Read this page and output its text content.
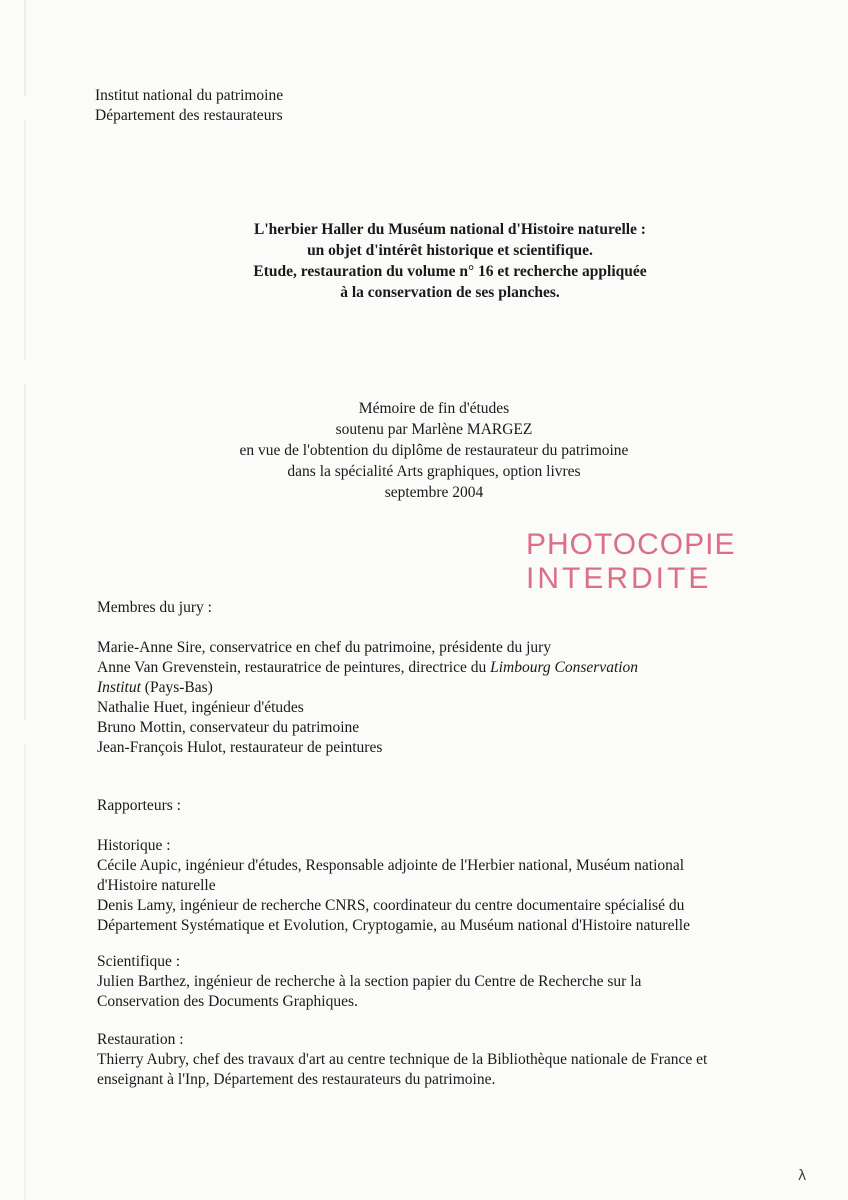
Institut national du patrimoine
Département des restaurateurs
L'herbier Haller du Muséum national d'Histoire naturelle :
un objet d'intérêt historique et scientifique.
Etude, restauration du volume n° 16 et recherche appliquée
à la conservation de ses planches.
Mémoire de fin d'études
soutenu par Marlène MARGEZ
en vue de l'obtention du diplôme de restaurateur du patrimoine
dans la spécialité Arts graphiques, option livres
septembre 2004
PHOTOCOPIE
INTERDITE
Membres du jury :
Marie-Anne Sire, conservatrice en chef du patrimoine, présidente du jury
Anne Van Grevenstein, restauratrice de peintures, directrice du Limbourg Conservation
Institut (Pays-Bas)
Nathalie Huet, ingénieur d'études
Bruno Mottin, conservateur du patrimoine
Jean-François Hulot, restaurateur de peintures
Rapporteurs :
Historique :
Cécile Aupic, ingénieur d'études, Responsable adjointe de l'Herbier national, Muséum national
d'Histoire naturelle
Denis Lamy, ingénieur de recherche CNRS, coordinateur du centre documentaire spécialisé du
Département Systématique et Evolution, Cryptogamie, au Muséum national d'Histoire naturelle
Scientifique :
Julien Barthez, ingénieur de recherche à la section papier du Centre de Recherche sur la
Conservation des Documents Graphiques.
Restauration :
Thierry Aubry, chef des travaux d'art au centre technique de la Bibliothèque nationale de France et
enseignant à l'Inp, Département des restaurateurs du patrimoine.
λ
